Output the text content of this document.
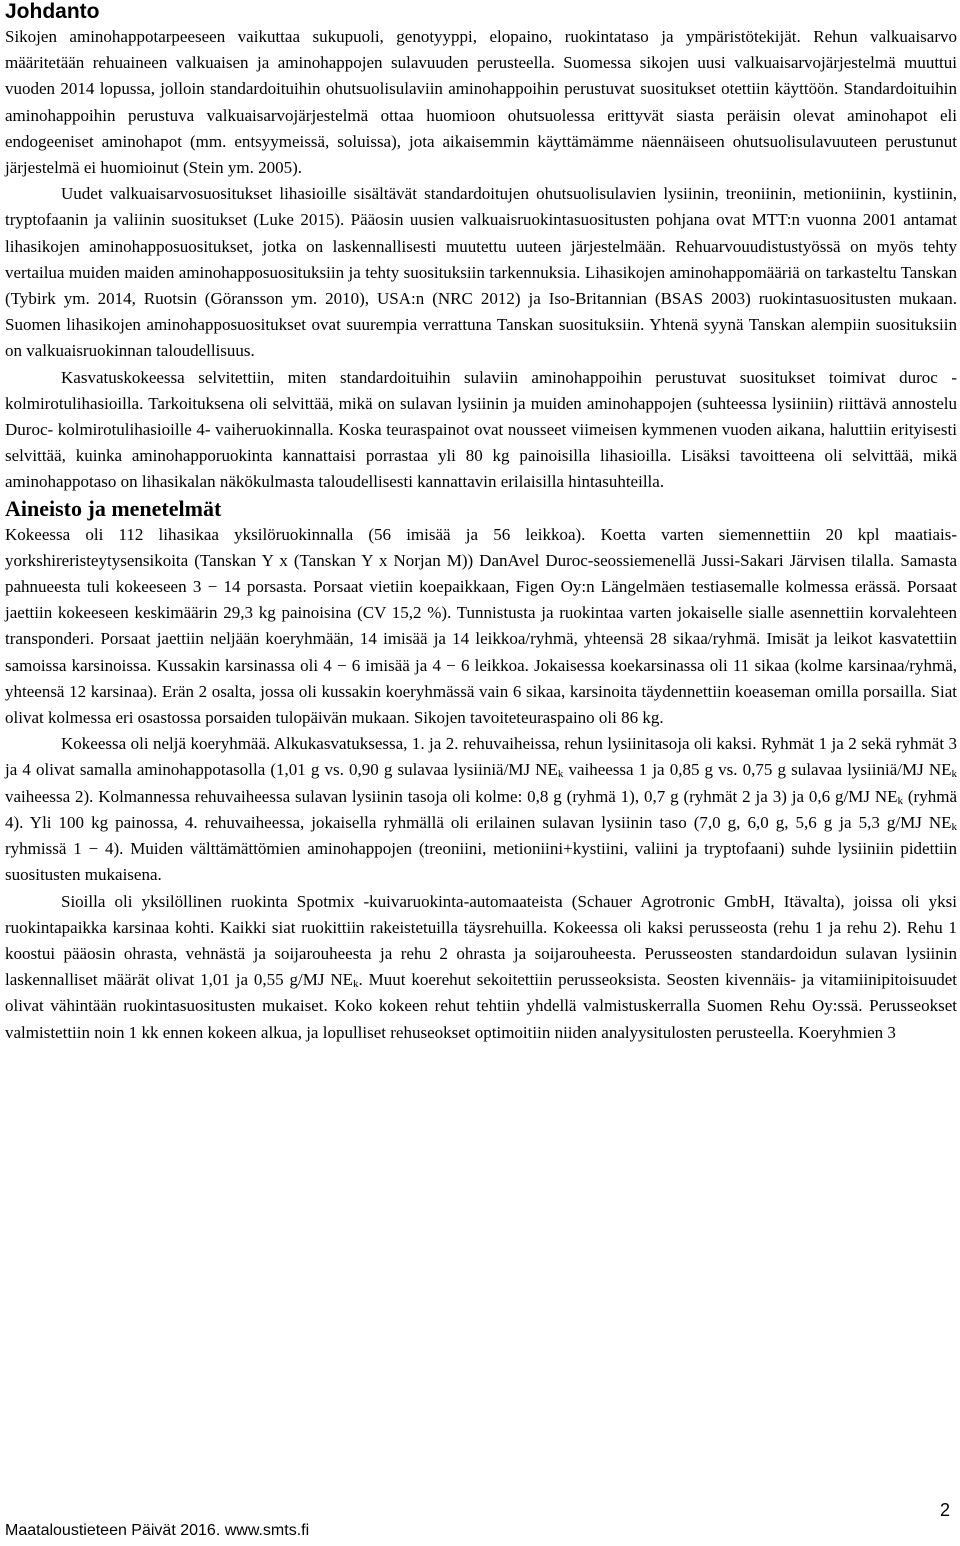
Johdanto

Sikojen aminohappotarpeeseen vaikuttaa sukupuoli, genotyyppi, elopaino, ruokintataso ja ympäristötekijät. Rehun valkuaisarvo määritetään rehuaineen valkuaisen ja aminohappojen sulavuuden perusteella. Suomessa sikojen uusi valkuaisarvojärjestelmä muuttui vuoden 2014 lopussa, jolloin standardoituihin ohutsuolisulaviin aminohappoihin perustuvat suositukset otettiin käyttöön. Standardoituihin aminohappoihin perustuva valkuaisarvojärjestelmä ottaa huomioon ohutsuolessa erittyvät siasta peräisin olevat aminohapot eli endogeeniset aminohapot (mm. entsyymeissä, soluissa), jota aikaisemmin käyttämämme näennäiseen ohutsuolisulavuuteen perustunut järjestelmä ei huomioinut (Stein ym. 2005).

Uudet valkuaisarvosuositukset lihasioille sisältävät standardoitujen ohutsuolisulavien lysiinin, treoniinin, metioniinin, kystiinin, tryptofaanin ja valiinin suositukset (Luke 2015). Pääosin uusien valkuaisruokintasuositusten pohjana ovat MTT:n vuonna 2001 antamat lihasikojen aminohapposuositukset, jotka on laskennallisesti muutettu uuteen järjestelmään. Rehuarvouudistustyössä on myös tehty vertailua muiden maiden aminohapposuosituksiin ja tehty suosituksiin tarkennuksia. Lihasikojen aminohappomääriä on tarkasteltu Tanskan (Tybirk ym. 2014, Ruotsin (Göransson ym. 2010), USA:n (NRC 2012) ja Iso-Britannian (BSAS 2003) ruokintasuositusten mukaan. Suomen lihasikojen aminohapposuositukset ovat suurempia verrattuna Tanskan suosituksiin. Yhtenä syynä Tanskan alempiin suosituksiin on valkuaisruokinnan taloudellisuus.

Kasvatuskokeessa selvitettiin, miten standardoituihin sulaviin aminohappoihin perustuvat suositukset toimivat duroc -kolmirotulihasioilla. Tarkoituksena oli selvittää, mikä on sulavan lysiinin ja muiden aminohappojen (suhteessa lysiiniin) riittävä annostelu Duroc- kolmirotulihasioille 4- vaiheruokinnalla. Koska teuraspainot ovat nousseet viimeisen kymmenen vuoden aikana, haluttiin erityisesti selvittää, kuinka aminohapporuokinta kannattaisi porrastaa yli 80 kg painoisilla lihasioilla. Lisäksi tavoitteena oli selvittää, mikä aminohappotaso on lihasikalan näkökulmasta taloudellisesti kannattavin erilaisilla hintasuhteilla.

Aineisto ja menetelmät

Kokeessa oli 112 lihasikaa yksilöruokinnalla (56 imisää ja 56 leikkoa). Koetta varten siemennettiin 20 kpl maatiais-yorkshireristeytysensikoita (Tanskan Y x (Tanskan Y x Norjan M)) DanAvel Duroc-seossiemenellä Jussi-Sakari Järvisen tilalla. Samasta pahnueesta tuli kokeeseen 3 − 14 porsasta. Porsaat vietiin koepaikkaan, Figen Oy:n Längelmäen testiasemalle kolmessa erässä. Porsaat jaettiin kokeeseen keskimäärin 29,3 kg painoisina (CV 15,2 %). Tunnistusta ja ruokintaa varten jokaiselle sialle asennettiin korvalehteen transponderi. Porsaat jaettiin neljään koeryhmään, 14 imisää ja 14 leikkoa/ryhmä, yhteensä 28 sikaa/ryhmä. Imisät ja leikot kasvatettiin samoissa karsinoissa. Kussakin karsinassa oli 4 − 6 imisää ja 4 − 6 leikkoa. Jokaisessa koekarsinassa oli 11 sikaa (kolme karsinaa/ryhmä, yhteensä 12 karsinaa). Erän 2 osalta, jossa oli kussakin koeryhmässä vain 6 sikaa, karsinoita täydennettiin koeaseman omilla porsailla. Siat olivat kolmessa eri osastossa porsaiden tulopäivän mukaan. Sikojen tavoiteteuraspaino oli 86 kg.

Kokeessa oli neljä koeryhmää. Alkukasvatuksessa, 1. ja 2. rehuvaiheissa, rehun lysiinitasoja oli kaksi. Ryhmät 1 ja 2 sekä ryhmät 3 ja 4 olivat samalla aminohappotasolla (1,01 g vs. 0,90 g sulavaa lysiiniä/MJ $NE_k$ vaiheessa 1 ja 0,85 g vs. 0,75 g sulavaa lysiiniä/MJ $NE_k$ vaiheessa 2). Kolmannessa rehuvaiheessa sulavan lysiinin tasoja oli kolme: 0,8 g (ryhmä 1), 0,7 g (ryhmät 2 ja 3) ja 0,6 g/MJ $NE_k$ (ryhmä 4). Yli 100 kg painossa, 4. rehuvaiheessa, jokaisella ryhmällä oli erilainen sulavan lysiinin taso (7,0 g, 6,0 g, 5,6 g ja 5,3 g/MJ $NE_k$ ryhmissä 1 − 4). Muiden välttämättömien aminohappojen (treoniini, metioniini+kystiini, valiini ja tryptofaani) suhde lysiiniin pidettiin suositusten mukaisena.

Sioilla oli yksilöllinen ruokinta Spotmix -kuivaruokinta-automaateista (Schauer Agrotronic GmbH, Itävalta), joissa oli yksi ruokintapaikka karsinaa kohti. Kaikki siat ruokittiin rakeistetuilla täysrehuilla. Kokeessa oli kaksi perusseosta (rehu 1 ja rehu 2). Rehu 1 koostui pääosin ohrasta, vehnästä ja soijarouheesta ja rehu 2 ohrasta ja soijarouheesta. Perusseosten standardoidun sulavan lysiinin laskennalliset määrät olivat 1,01 ja 0,55 g/MJ $NE_k$. Muut koerehut sekoitettiin perusseoksista. Seosten kivennäis- ja vitamiinipitoisuudet olivat vähintään ruokintasuositusten mukaiset. Koko kokeen rehut tehtiin yhdellä valmistuskerralla Suomen Rehu Oy:ssä. Perusseokset valmistettiin noin 1 kk ennen kokeen alkua, ja lopulliset rehuseokset optimoitiin niiden analyysitulosten perusteella. Koeryhmien 3

2
Maataloustieteen Päivät 2016. www.smts.fi
